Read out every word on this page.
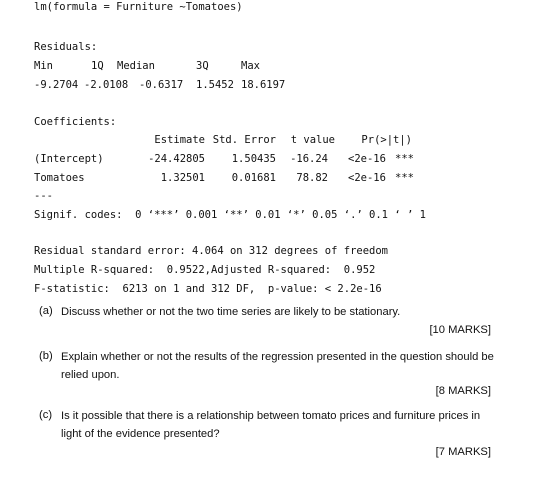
lm(formula = Furniture ~Tomatoes)
Residuals:
Min	1Q Median	3Q	Max
-9.2704 -2.0108 -0.6317 1.5452 18.6197
Coefficients:
Estimate Std. Error	t value	Pr(>|t|)
(Intercept)	-24.42805	1.50435	-16.24 <2e-16 ***
Tomatoes	1.32501	0.01681	78.82 <2e-16 ***
---
Signif. codes:  0 ‘***’ 0.001 ‘**’ 0.01 ‘*’ 0.05 ‘.’ 0.1 ‘ ’ 1
Residual standard error: 4.064 on 312 degrees of freedom
Multiple R-squared:  0.9522,Adjusted R-squared:  0.952
F-statistic:  6213 on 1 and 312 DF,  p-value: < 2.2e-16
(a) Discuss whether or not the two time series are likely to be stationary.
[10 MARKS]
(b) Explain whether or not the results of the regression presented in the question should be relied upon.
[8 MARKS]
(c) Is it possible that there is a relationship between tomato prices and furniture prices in light of the evidence presented?
[7 MARKS]
